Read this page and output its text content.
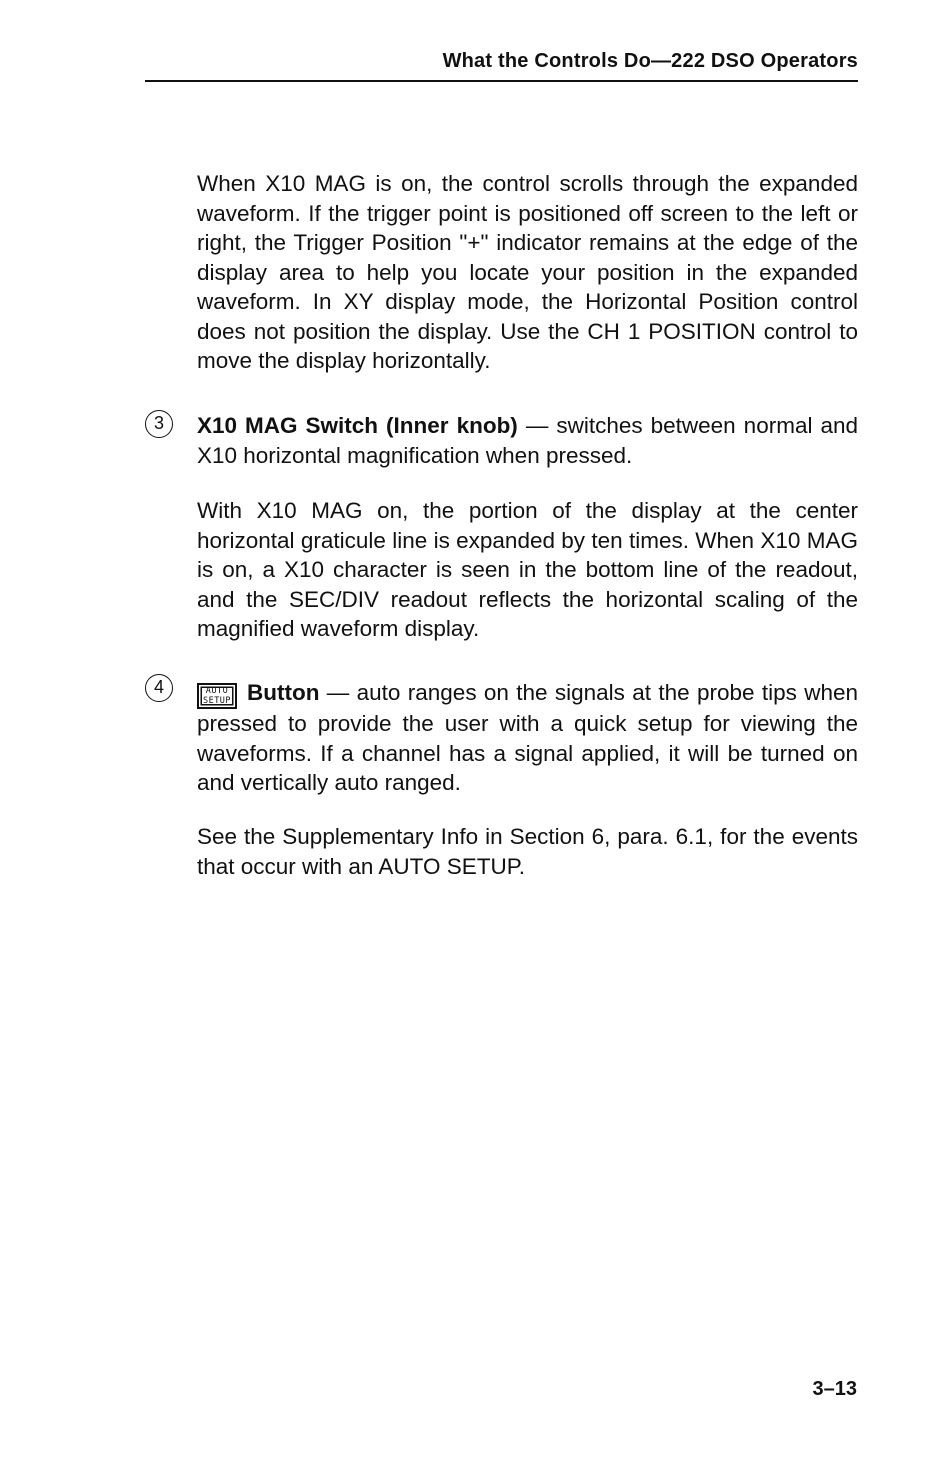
What the Controls Do—222 DSO Operators

When X10 MAG is on, the control scrolls through the expanded waveform. If the trigger point is positioned off screen to the left or right, the Trigger Position "+" indicator remains at the edge of the display area to help you locate your position in the expanded waveform. In XY display mode, the Horizontal Position control does not position the display. Use the CH 1 POSITION control to move the display horizontally.

3	X10 MAG Switch (Inner knob) — switches between normal and X10 horizontal magnification when pressed.

With X10 MAG on, the portion of the display at the center horizontal graticule line is expanded by ten times. When X10 MAG is on, a X10 character is seen in the bottom line of the readout, and the SEC/DIV readout reflects the horizontal scaling of the magnified waveform display.

4	AUTO
SETUP Button — auto ranges on the signals at the probe tips when pressed to provide the user with a quick setup for viewing the waveforms. If a channel has a signal applied, it will be turned on and vertically auto ranged.

See the Supplementary Info in Section 6, para. 6.1, for the events that occur with an AUTO SETUP.

3–13
